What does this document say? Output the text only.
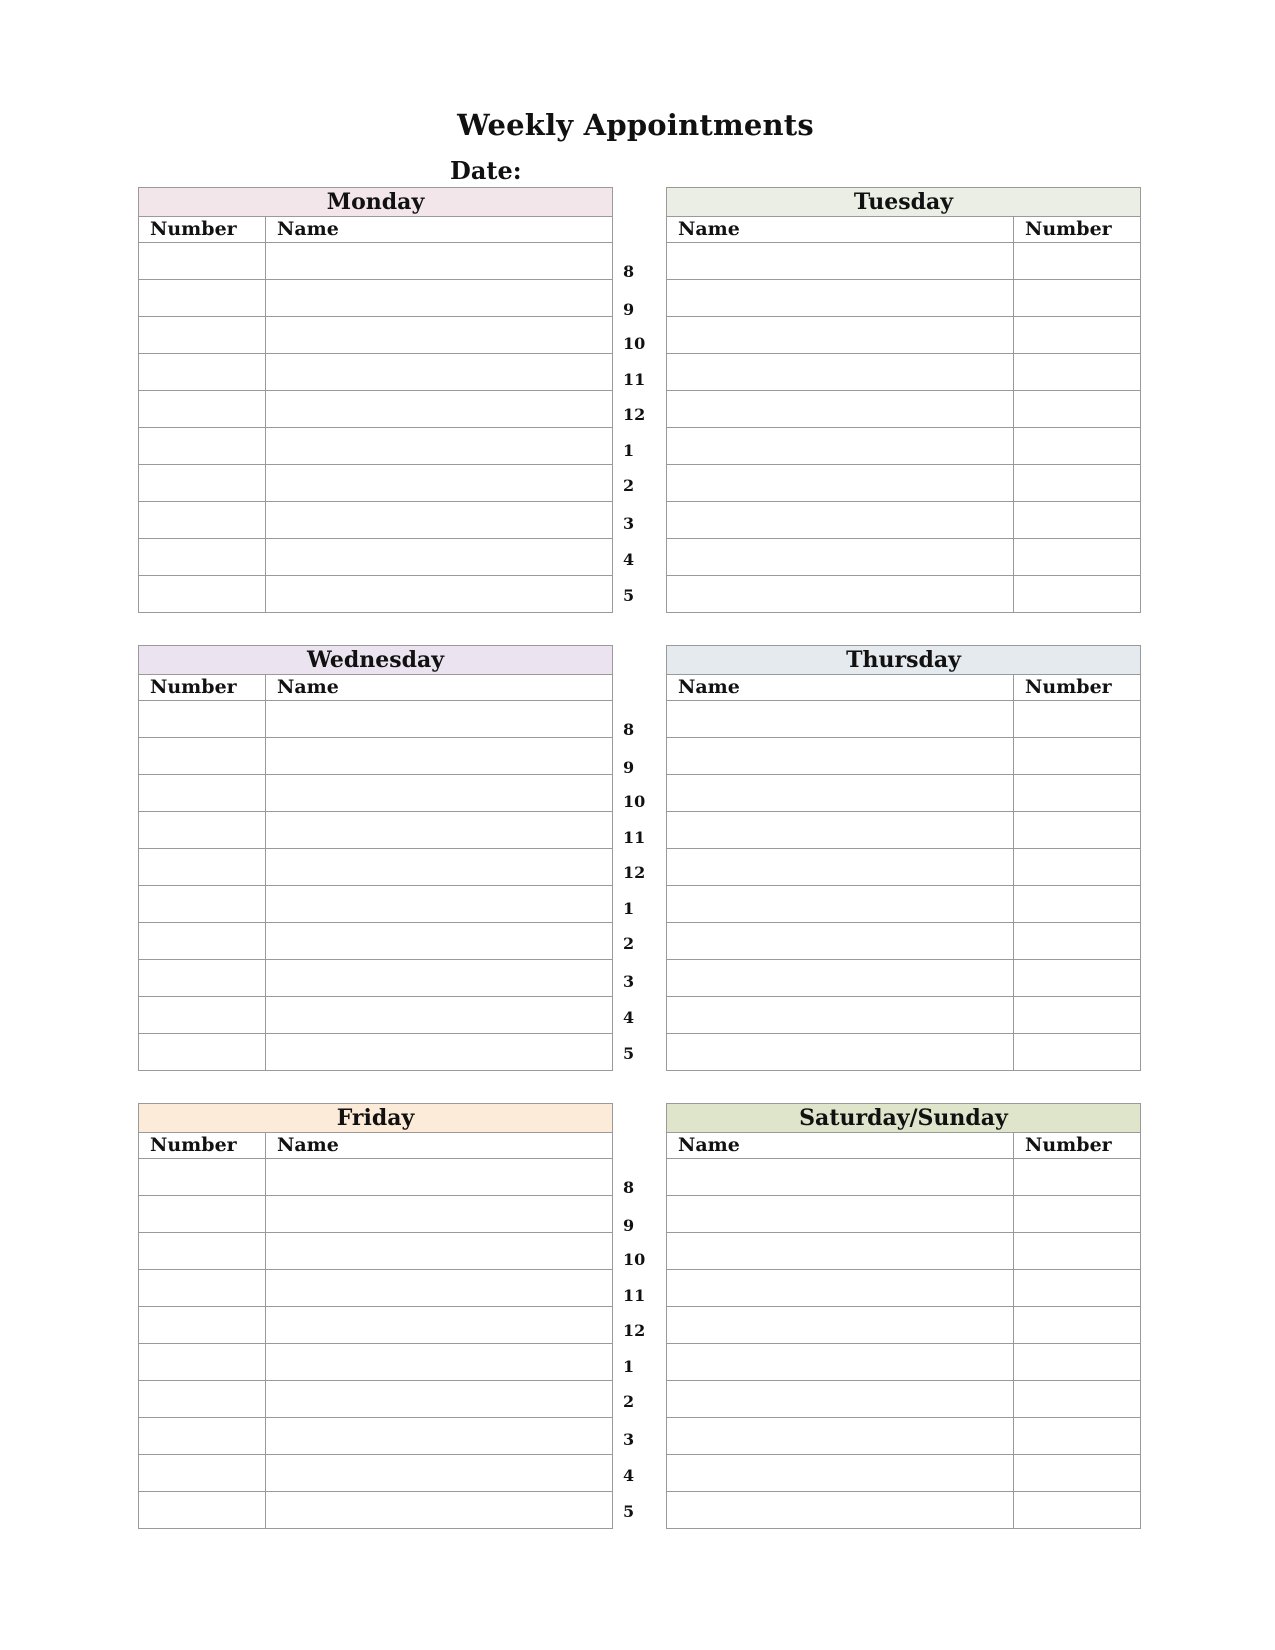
Weekly Appointments
Date:
Monday	
Number	Name

Tuesday	
Name	Number

Wednesday	
Number	Name

Thursday	
Name	Number

Friday	
Number	Name

Saturday/Sunday	
Name	Number

8
9
10
11
12
1
2
3
4
5
8
9
10
11
12
1
2
3
4
5
8
9
10
11
12
1
2
3
4
5
